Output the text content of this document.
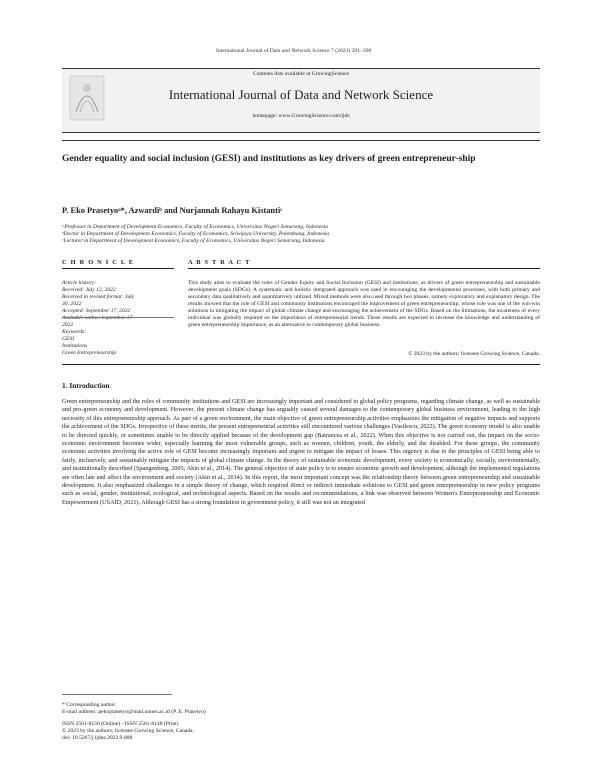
International Journal of Data and Network Science 7 (2023) 391–398
Contents lists available at GrowingScience
International Journal of Data and Network Science
homepage: www.GrowingScience.com/ijds
Gender equality and social inclusion (GESI) and institutions as key drivers of green entrepreneur-ship
P. Eko Prasetyoᵃ*, Azwardiᵇ and Nurjannah Rahayu Kistantiᶜ
ᵃProfessor in Department of Development Economics, Faculty of Economics, Universitas Negeri Semarang, Indonesia
ᵇDoctor in Department of Development Economics, Faculty of Economics, Sriwijaya University, Palembang, Indonesia
ᶜLecturer in Department of Development Economics, Faculty of Economics, Universitas Negeri Semarang, Indonesia
C H R O N I C L E	A B S T R A C T
Article history:
Received: July 12, 2022
Received in revised format: July
30, 2022
Accepted: September 17, 2022
Available online: September 17
2022
Keywords:
GESI
Institutions
Green Entrepreneurship
This study aims to evaluate the roles of Gender Equity and Social Inclusion (GESI) and institutions, as drivers of green entrepreneurship and sustainable development goals (SDGs). A systematic and holistic integrated approach was used in encouraging the developmental processes, with both primary and secondary data qualitatively and quantitatively utilized. Mixed methods were also used through two phases, namely exploratory and explanatory design. The results showed that the role of GESI and community institutions encouraged the improvement of green entrepreneurship, whose role was one of the win-win solutions in mitigating the impact of global climate change and encouraging the achievement of the SDGs. Based on the limitations, the awareness of every individual was globally required on the importance of entrepreneurial trends. These results are expected to increase the knowledge and understanding of green entrepreneurship importance, as an alternative to contemporary global business.
© 2023 by the authors; licensee Growing Science, Canada.
1. Introduction
Green entrepreneurship and the roles of community institutions and GESI are increasingly important and considered in global policy programs, regarding climate change, as well as sustainable and pro-green economy and development. However, the present climate change has arguably caused several damages to the contemporary global business environment, leading to the high necessity of this entrepreneurship approach. As part of a green environment, the main objective of green entrepreneurship activities emphasizes the mitigation of negative impacts and supports the achievement of the SDGs. Irrespective of these merits, the present entrepreneurial activities still encountered various challenges (Vasilescu, 2022). The green economy model is also unable to be directed quickly, or sometimes unable to be directly applied because of the development gap (Batrancea et al., 2022). When this objective is not carried out, the impact on the socio-economic environment becomes wider, especially harming the most vulnerable groups, such as women, children, youth, the elderly, and the disabled. For these groups, the community economic activities involving the active role of GESI become increasingly important and urgent to mitigate the impact of losses. This urgency is due to the principles of GESI being able to fairly, inclusively, and sustainably mitigate the impacts of global climate change. In the theory of sustainable economic development, every society is economically, socially, environmentally, and institutionally described (Spangenberg, 2005; Akin et al., 2014). The general objective of state policy is to ensure economic growth and development, although the implemented regulations are often late and affect the environment and society (Akin et al., 2014). In this report, the most important concept was the relationship theory between green entrepreneurship and sustainable development. It also emphasized challenges in a simple theory of change, which required direct or indirect immediate solutions to GESI and green entrepreneurship in new policy programs such as social, gender, institutional, ecological, and technological aspects. Based on the results and recommendations, a link was observed between Women's Entrepreneurship and Economic Empowerment (USAID, 2021). Although GESI has a strong foundation in government policy, it still was not an integrated
* Corresponding author.
E-mail address: pekoprasetyo@mail.unnes.ac.id (P. E. Prasetyo)
ISSN 2561-8156 (Online) - ISSN 2561-8148 (Print)
© 2023 by the authors; licensee Growing Science, Canada.
doi: 10.5267/j.ijdns.2022.9.008
